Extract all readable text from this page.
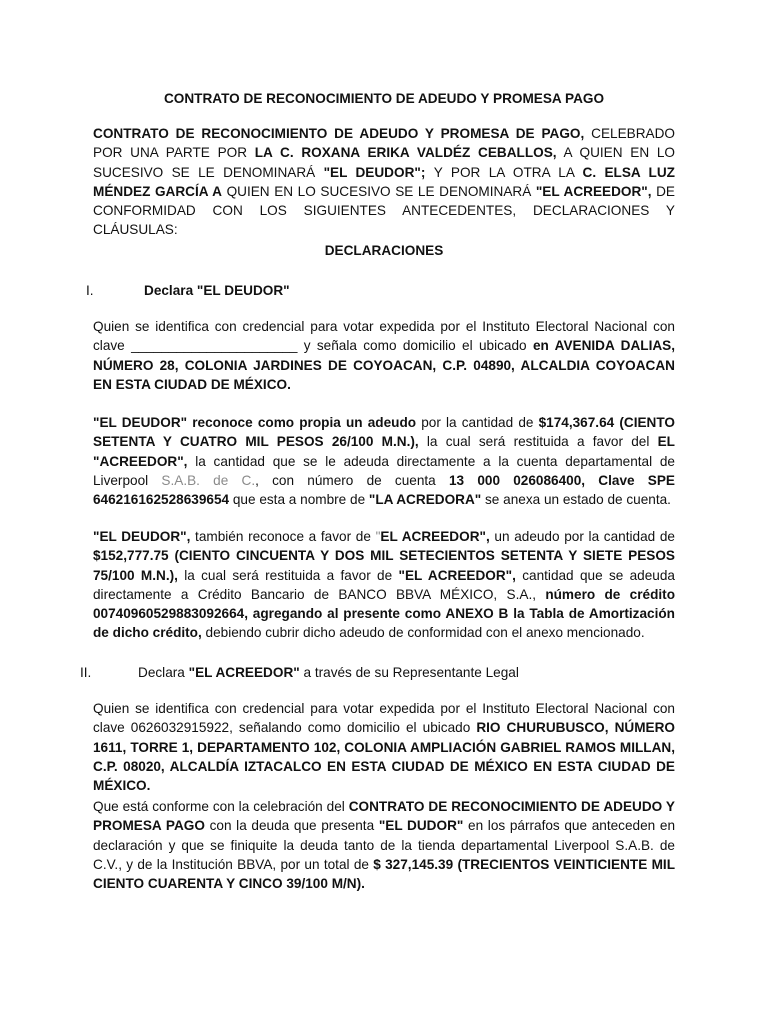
CONTRATO DE RECONOCIMIENTO DE ADEUDO Y PROMESA PAGO

CONTRATO DE RECONOCIMIENTO DE ADEUDO Y PROMESA DE PAGO, CELEBRADO POR UNA PARTE POR LA C. ROXANA ERIKA VALDÉZ CEBALLOS, A QUIEN EN LO SUCESIVO SE LE DENOMINARÁ "EL DEUDOR"; Y POR LA OTRA LA C. ELSA LUZ MÉNDEZ GARCÍA A QUIEN EN LO SUCESIVO SE LE DENOMINARÁ "EL ACREEDOR", DE CONFORMIDAD CON LOS SIGUIENTES ANTECEDENTES, DECLARACIONES Y CLÁUSULAS:

DECLARACIONES
I.	Declara "EL DEUDOR"

Quien se identifica con credencial para votar expedida por el Instituto Electoral Nacional con clave ______________________ y señala como domicilio el ubicado en AVENIDA DALIAS, NÚMERO 28, COLONIA JARDINES DE COYOACAN, C.P. 04890, ALCALDIA COYOACAN EN ESTA CIUDAD DE MÉXICO.

"EL DEUDOR" reconoce como propia un adeudo por la cantidad de $174,367.64 (CIENTO SETENTA Y CUATRO MIL PESOS 26/100 M.N.), la cual será restituida a favor del EL "ACREEDOR", la cantidad que se le adeuda directamente a la cuenta departamental de Liverpool S.A.B. de C., con número de cuenta 13 000 026086400, Clave SPE 646216162528639654 que esta a nombre de "LA ACREDORA" se anexa un estado de cuenta.

"EL DEUDOR", también reconoce a favor de "EL ACREEDOR", un adeudo por la cantidad de $152,777.75 (CIENTO CINCUENTA Y DOS MIL SETECIENTOS SETENTA Y SIETE PESOS 75/100 M.N.), la cual será restituida a favor de "EL ACREEDOR", cantidad que se adeuda directamente a Crédito Bancario de BANCO BBVA MÉXICO, S.A., número de crédito 00740960529883092664, agregando al presente como ANEXO B la Tabla de Amortización de dicho crédito, debiendo cubrir dicho adeudo de conformidad con el anexo mencionado.

II.	Declara "EL ACREEDOR" a través de su Representante Legal

Quien se identifica con credencial para votar expedida por el Instituto Electoral Nacional con clave 0626032915922, señalando como domicilio el ubicado RIO CHURUBUSCO, NÚMERO 1611, TORRE 1, DEPARTAMENTO 102, COLONIA AMPLIACIÓN GABRIEL RAMOS MILLAN, C.P. 08020, ALCALDÍA IZTACALCO EN ESTA CIUDAD DE MÉXICO EN ESTA CIUDAD DE MÉXICO.

Que está conforme con la celebración del CONTRATO DE RECONOCIMIENTO DE ADEUDO Y PROMESA PAGO con la deuda que presenta "EL DUDOR" en los párrafos que anteceden en declaración y que se finiquite la deuda tanto de la tienda departamental Liverpool S.A.B. de C.V., y de la Institución BBVA, por un total de $ 327,145.39 (TRECIENTOS VEINTICIENTE MIL CIENTO CUARENTA Y CINCO 39/100 M/N).
